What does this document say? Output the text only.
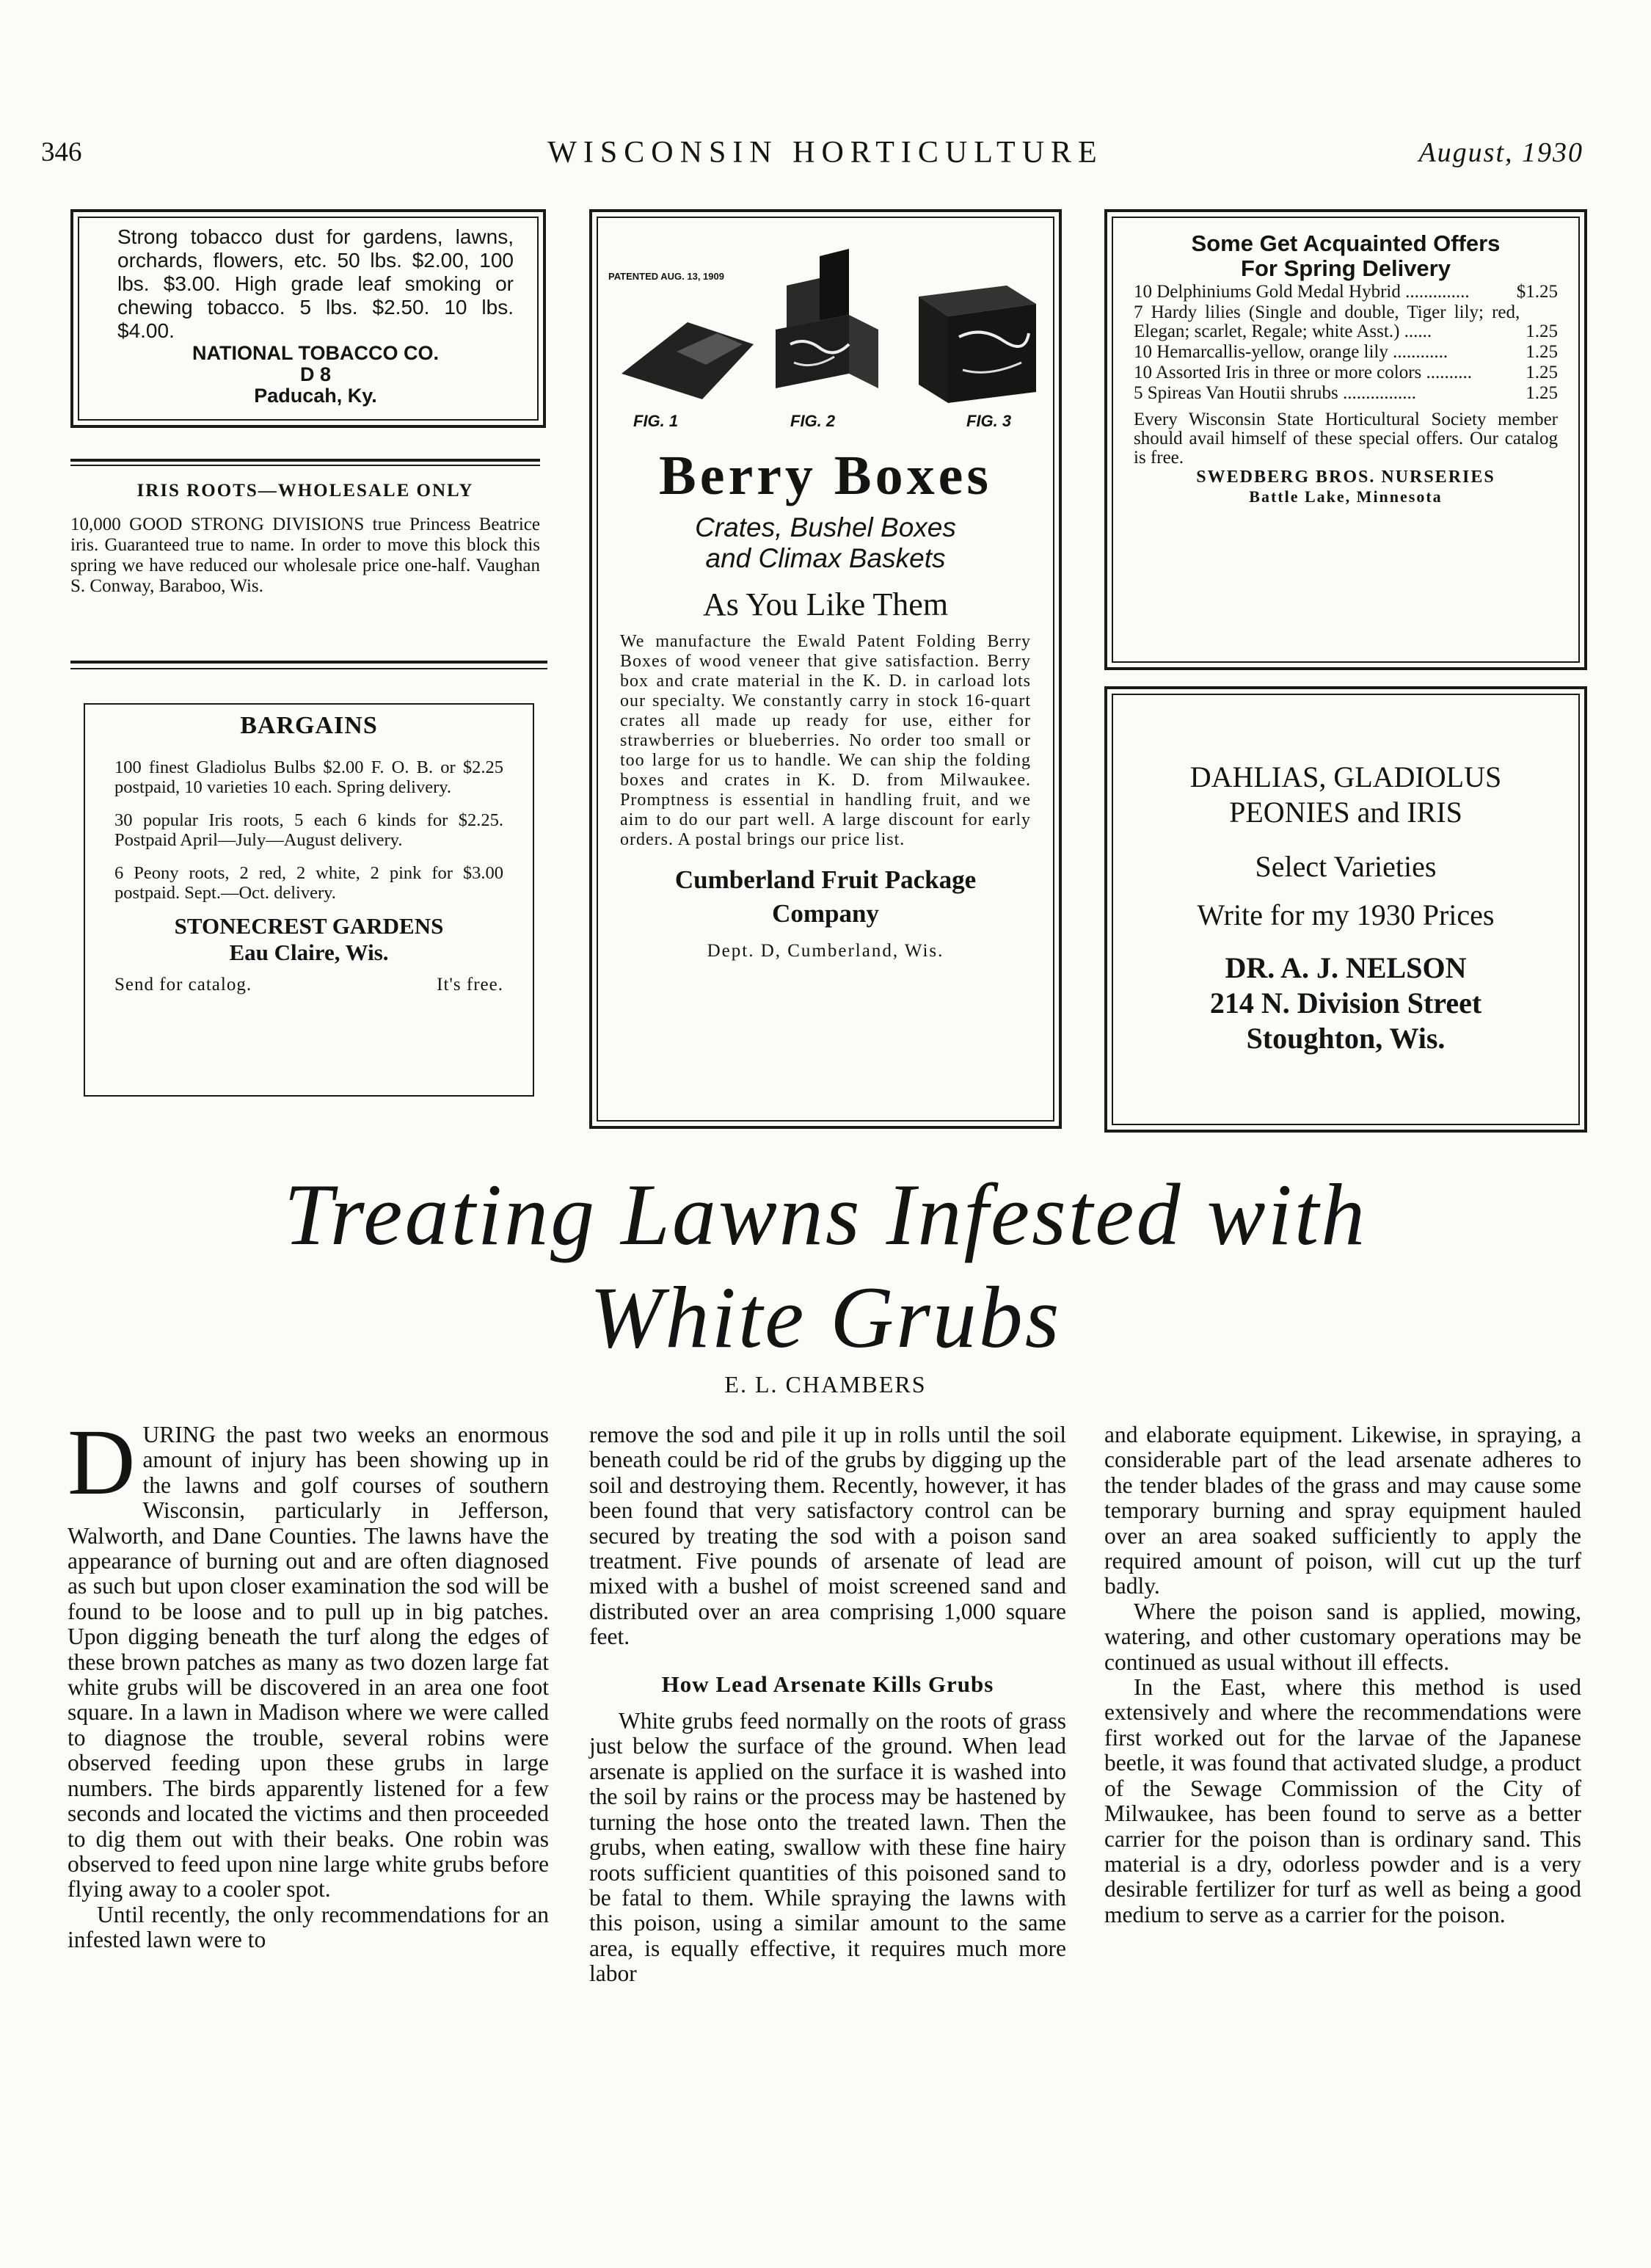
346	WISCONSIN HORTICULTURE	August, 1930

Strong tobacco dust for gardens, lawns, orchards, flowers, etc. 50 lbs. $2.00, 100 lbs. $3.00. High grade leaf smoking or chewing tobacco. 5 lbs. $2.50. 10 lbs. $4.00.

NATIONAL TOBACCO CO.

D 8

Paducah, Ky.

IRIS ROOTS—WHOLESALE ONLY

10,000 GOOD STRONG DIVISIONS true Princess Beatrice iris. Guaranteed true to name. In order to move this block this spring we have reduced our wholesale price one-half. Vaughan S. Conway, Baraboo, Wis.

BARGAINS

100 finest Gladiolus Bulbs $2.00 F. O. B. or $2.25 postpaid, 10 varieties 10 each. Spring delivery.

30 popular Iris roots, 5 each 6 kinds for $2.25. Postpaid April—July—August delivery.

6 Peony roots, 2 red, 2 white, 2 pink for $3.00 postpaid. Sept.—Oct. delivery.

STONECREST GARDENS

Eau Claire, Wis.

Send for catalog.	It's free.
PATENTED AUG. 13, 1909
FIG. 1	FIG. 2	FIG. 3

Berry Boxes

Crates, Bushel Boxes

and Climax Baskets

As You Like Them

We manufacture the Ewald Patent Folding Berry Boxes of wood veneer that give satisfaction. Berry box and crate material in the K. D. in carload lots our specialty. We constantly carry in stock 16-quart crates all made up ready for use, either for strawberries or blueberries. No order too small or too large for us to handle. We can ship the folding boxes and crates in K. D. from Milwaukee. Promptness is essential in handling fruit, and we aim to do our part well. A large discount for early orders. A postal brings our price list.

Cumberland Fruit Package

Company

Dept. D, Cumberland, Wis.

Some Get Acquainted Offers

For Spring Delivery

10 Delphiniums Gold Medal Hybrid ..............	$1.25
7 Hardy lilies (Single and double, Tiger lily; red, Elegan; scarlet, Regale; white Asst.) ......	1.25
10 Hemarcallis-yellow, orange lily ............	1.25
10 Assorted Iris in three or more colors ..........	1.25
5 Spireas Van Houtii shrubs ................	1.25

Every Wisconsin State Horticultural Society member should avail himself of these special offers. Our catalog is free.

SWEDBERG BROS. NURSERIES

Battle Lake, Minnesota

DAHLIAS, GLADIOLUS

PEONIES and IRIS

Select Varieties

Write for my 1930 Prices

DR. A. J. NELSON

214 N. Division Street

Stoughton, Wis.

Treating Lawns Infested with
White Grubs
E. L. CHAMBERS

DURING the past two weeks an enormous amount of injury has been showing up in the lawns and golf courses of southern Wisconsin, particularly in Jefferson, Walworth, and Dane Counties. The lawns have the appearance of burning out and are often diagnosed as such but upon closer examination the sod will be found to be loose and to pull up in big patches. Upon digging beneath the turf along the edges of these brown patches as many as two dozen large fat white grubs will be discovered in an area one foot square. In a lawn in Madison where we were called to diagnose the trouble, several robins were observed feeding upon these grubs in large numbers. The birds apparently listened for a few seconds and located the victims and then proceeded to dig them out with their beaks. One robin was observed to feed upon nine large white grubs before flying away to a cooler spot.

Until recently, the only recommendations for an infested lawn were to

remove the sod and pile it up in rolls until the soil beneath could be rid of the grubs by digging up the soil and destroying them. Recently, however, it has been found that very satisfactory control can be secured by treating the sod with a poison sand treatment. Five pounds of arsenate of lead are mixed with a bushel of moist screened sand and distributed over an area comprising 1,000 square feet.

How Lead Arsenate Kills Grubs

White grubs feed normally on the roots of grass just below the surface of the ground. When lead arsenate is applied on the surface it is washed into the soil by rains or the process may be hastened by turning the hose onto the treated lawn. Then the grubs, when eating, swallow with these fine hairy roots sufficient quantities of this poisoned sand to be fatal to them. While spraying the lawns with this poison, using a similar amount to the same area, is equally effective, it requires much more labor

and elaborate equipment. Likewise, in spraying, a considerable part of the lead arsenate adheres to the tender blades of the grass and may cause some temporary burning and spray equipment hauled over an area soaked sufficiently to apply the required amount of poison, will cut up the turf badly.

Where the poison sand is applied, mowing, watering, and other customary operations may be continued as usual without ill effects.

In the East, where this method is used extensively and where the recommendations were first worked out for the larvae of the Japanese beetle, it was found that activated sludge, a product of the Sewage Commission of the City of Milwaukee, has been found to serve as a better carrier for the poison than is ordinary sand. This material is a dry, odorless powder and is a very desirable fertilizer for turf as well as being a good medium to serve as a carrier for the poison.
